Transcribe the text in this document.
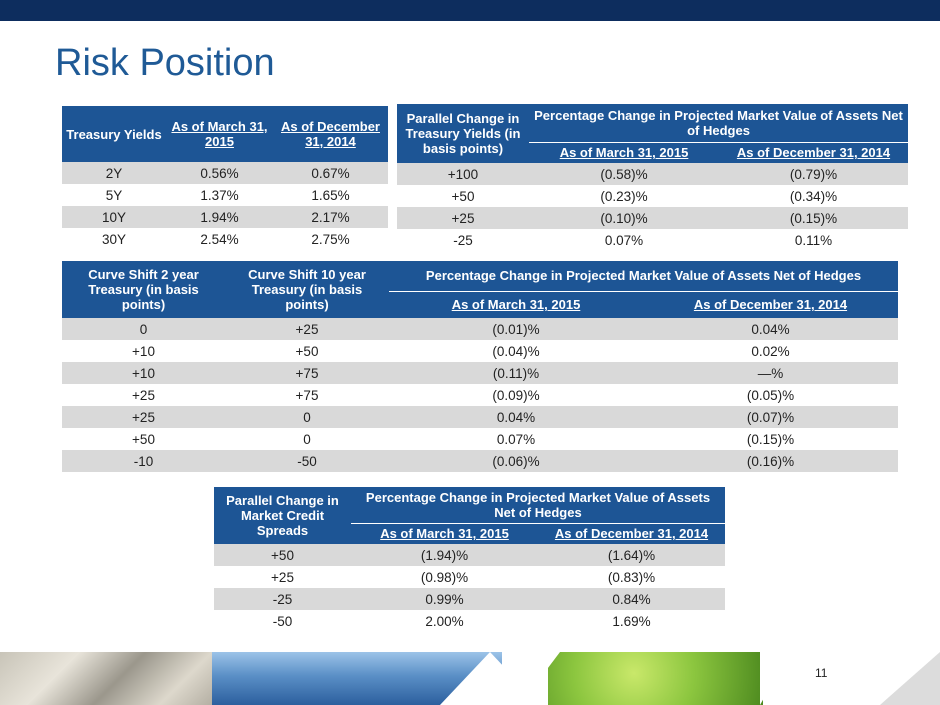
Risk Position
Treasury Yields	As of March 31, 2015	As of December 31, 2014
2Y	0.56%	0.67%
5Y	1.37%	1.65%
10Y	1.94%	2.17%
30Y	2.54%	2.75%
Parallel Change in Treasury Yields (in basis points)	Percentage Change in Projected Market Value of Assets Net of Hedges	
	As of March 31, 2015	As of December 31, 2014
+100	(0.58)%	(0.79)%
+50	(0.23)%	(0.34)%
+25	(0.10)%	(0.15)%
-25	0.07%	0.11%
Curve Shift 2 year Treasury (in basis points)	Curve Shift 10 year Treasury (in basis points)	Percentage Change in Projected Market Value of Assets Net of Hedges	
		As of March 31, 2015	As of December 31, 2014
0	+25	(0.01)%	0.04%
+10	+50	(0.04)%	0.02%
+10	+75	(0.11)%	—%
+25	+75	(0.09)%	(0.05)%
+25	0	0.04%	(0.07)%
+50	0	0.07%	(0.15)%
-10	-50	(0.06)%	(0.16)%
Parallel Change in Market Credit Spreads	Percentage Change in Projected Market Value of Assets Net of Hedges	
	As of March 31, 2015	As of December 31, 2014
+50	(1.94)%	(1.64)%
+25	(0.98)%	(0.83)%
-25	0.99%	0.84%
-50	2.00%	1.69%
11
